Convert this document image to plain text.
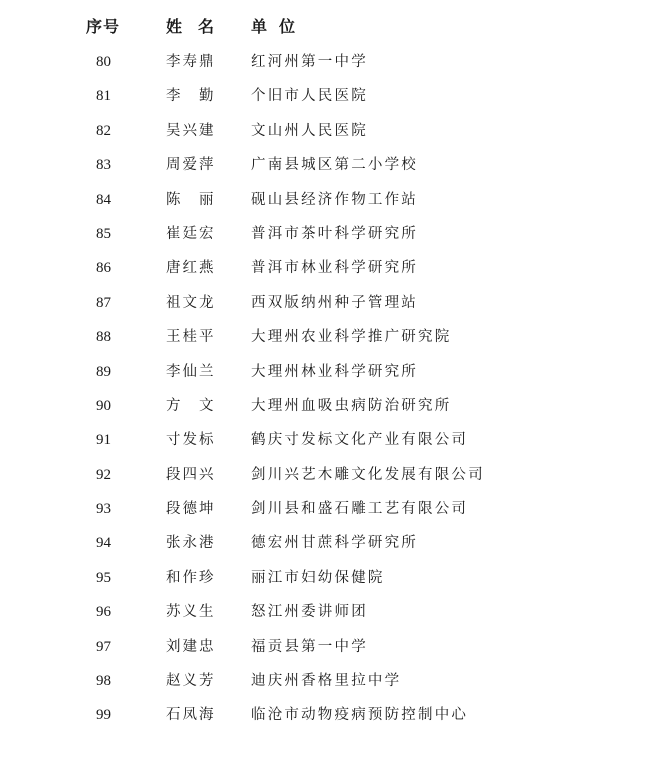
序号	姓名 单位
80	李寿鼎 红河州第一中学
81	李　勤 个旧市人民医院
82	吴兴建 文山州人民医院
83	周爱萍 广南县城区第二小学校
84	陈　丽 砚山县经济作物工作站
85	崔廷宏 普洱市茶叶科学研究所
86	唐红燕 普洱市林业科学研究所
87	祖文龙 西双版纳州种子管理站
88	王桂平 大理州农业科学推广研究院
89	李仙兰 大理州林业科学研究所
90	方　文 大理州血吸虫病防治研究所
91	寸发标 鹤庆寸发标文化产业有限公司
92	段四兴 剑川兴艺木雕文化发展有限公司
93	段德坤 剑川县和盛石雕工艺有限公司
94	张永港 德宏州甘蔗科学研究所
95	和作珍 丽江市妇幼保健院
96	苏义生 怒江州委讲师团
97	刘建忠 福贡县第一中学
98	赵义芳 迪庆州香格里拉中学
99	石凤海 临沧市动物疫病预防控制中心
